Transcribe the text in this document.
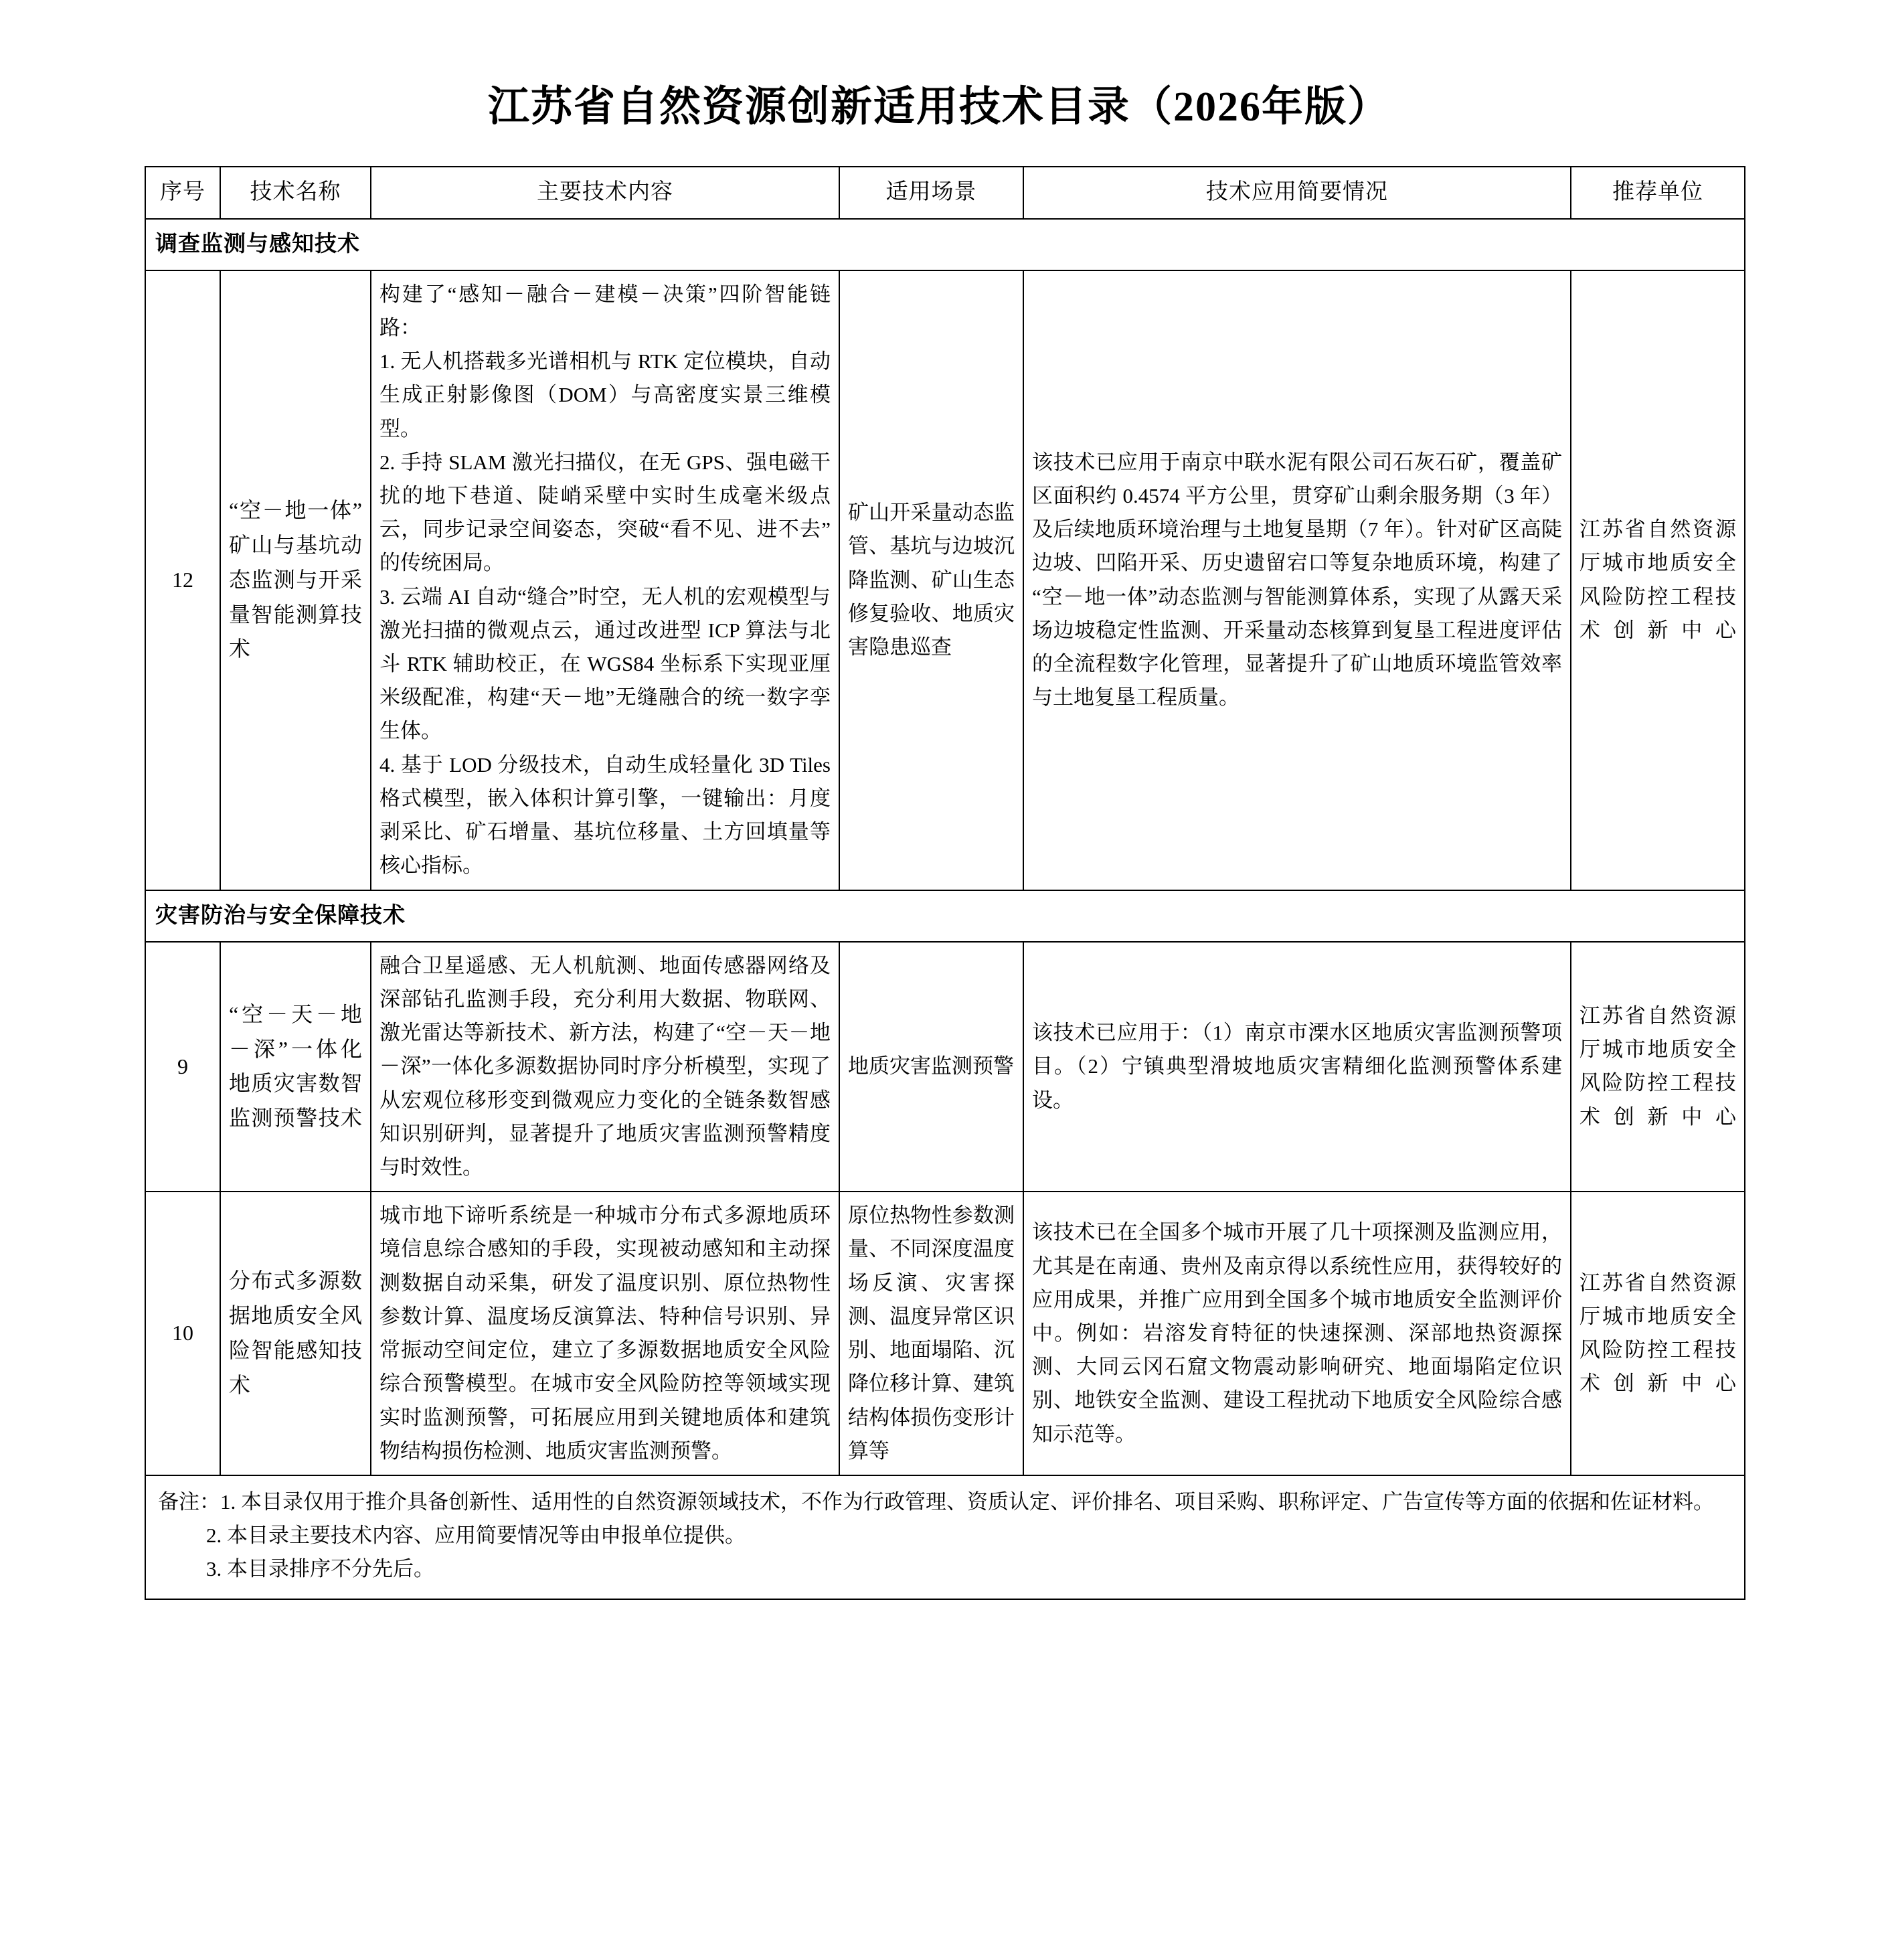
江苏省自然资源创新适用技术目录（2026年版）
序号	技术名称	主要技术内容	适用场景	技术应用简要情况	推荐单位
调查监测与感知技术					
12	“空－地一体”矿山与基坑动态监测与开采量智能测算技术	构建了“感知－融合－建模－决策”四阶智能链路：

1. 无人机搭载多光谱相机与 RTK 定位模块，自动生成正射影像图（DOM）与高密度实景三维模型。

2. 手持 SLAM 激光扫描仪，在无 GPS、强电磁干扰的地下巷道、陡峭采壁中实时生成毫米级点云，同步记录空间姿态，突破“看不见、进不去”的传统困局。

3. 云端 AI 自动“缝合”时空，无人机的宏观模型与激光扫描的微观点云，通过改进型 ICP 算法与北斗 RTK 辅助校正，在 WGS84 坐标系下实现亚厘米级配准，构建“天－地”无缝融合的统一数字孪生体。

4. 基于 LOD 分级技术，自动生成轻量化 3D Tiles 格式模型，嵌入体积计算引擎，一键输出：月度剥采比、矿石增量、基坑位移量、土方回填量等核心指标。	矿山开采量动态监管、基坑与边坡沉降监测、矿山生态修复验收、地质灾害隐患巡查	该技术已应用于南京中联水泥有限公司石灰石矿，覆盖矿区面积约 0.4574 平方公里，贯穿矿山剩余服务期（3 年）及后续地质环境治理与土地复垦期（7 年）。针对矿区高陡边坡、凹陷开采、历史遗留宕口等复杂地质环境，构建了“空－地一体”动态监测与智能测算体系，实现了从露天采场边坡稳定性监测、开采量动态核算到复垦工程进度评估的全流程数字化管理，显著提升了矿山地质环境监管效率与土地复垦工程质量。	江苏省自然资源厅城市地质安全风险防控工程技术创新中心
灾害防治与安全保障技术					
9	“空－天－地－深”一体化地质灾害数智监测预警技术	融合卫星遥感、无人机航测、地面传感器网络及深部钻孔监测手段，充分利用大数据、物联网、激光雷达等新技术、新方法，构建了“空－天－地－深”一体化多源数据协同时序分析模型，实现了从宏观位移形变到微观应力变化的全链条数智感知识别研判，显著提升了地质灾害监测预警精度与时效性。	地质灾害监测预警	该技术已应用于：（1）南京市溧水区地质灾害监测预警项目。（2）宁镇典型滑坡地质灾害精细化监测预警体系建设。	江苏省自然资源厅城市地质安全风险防控工程技术创新中心
10	分布式多源数据地质安全风险智能感知技术	城市地下谛听系统是一种城市分布式多源地质环境信息综合感知的手段，实现被动感知和主动探测数据自动采集，研发了温度识别、原位热物性参数计算、温度场反演算法、特种信号识别、异常振动空间定位，建立了多源数据地质安全风险综合预警模型。在城市安全风险防控等领域实现实时监测预警，可拓展应用到关键地质体和建筑物结构损伤检测、地质灾害监测预警。	原位热物性参数测量、不同深度温度场反演、灾害探测、温度异常区识别、地面塌陷、沉降位移计算、建筑结构体损伤变形计算等	该技术已在全国多个城市开展了几十项探测及监测应用，尤其是在南通、贵州及南京得以系统性应用，获得较好的应用成果，并推广应用到全国多个城市地质安全监测评价中。例如：岩溶发育特征的快速探测、深部地热资源探测、大同云冈石窟文物震动影响研究、地面塌陷定位识别、地铁安全监测、建设工程扰动下地质安全风险综合感知示范等。	江苏省自然资源厅城市地质安全风险防控工程技术创新中心

备注：1. 本目录仅用于推介具备创新性、适用性的自然资源领域技术，不作为行政管理、资质认定、评价排名、项目采购、职称评定、广告宣传等方面的依据和佐证材料。
2. 本目录主要技术内容、应用简要情况等由申报单位提供。
3. 本目录排序不分先后。					
